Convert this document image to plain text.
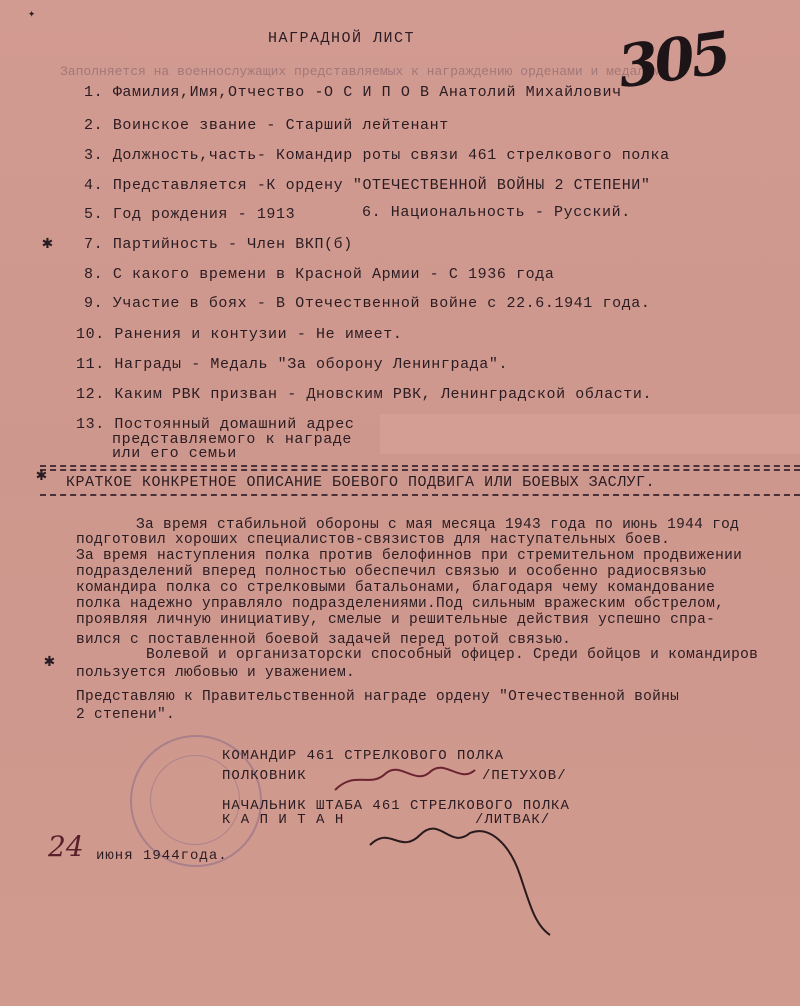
НАГРАДНОЙ ЛИСТ
Заполняется на военнослужащих представляемых к награждению орденами и медалями
305
✦
1. Фамилия,Имя,Отчество -О С И П О В Анатолий Михайлович
2. Воинское звание - Старший лейтенант
3. Должность,часть- Командир роты связи 461 стрелкового полка
4. Представляется -К ордену "ОТЕЧЕСТВЕННОЙ ВОЙНЫ 2 СТЕПЕНИ"
5. Год рождения - 1913	6. Национальность - Русский.
✱ 7. Партийность - Член ВКП(б)
8. С какого времени в Красной Армии - С 1936 года
9. Участие в боях - В Отечественной войне с 22.6.1941 года.
10. Ранения и контузии - Не имеет.
11. Награды - Медаль "За оборону Ленинграда".
12. Каким РВК призван - Дновским РВК, Ленинградской области.
13. Постоянный домашний адрес
представляемого к награде
или его семьи
✱ КРАТКОЕ КОНКРЕТНОЕ ОПИСАНИЕ БОЕВОГО ПОДВИГА ИЛИ БОЕВЫХ ЗАСЛУГ.
За время стабильной обороны с мая месяца 1943 года по июнь 1944 год
подготовил хороших специалистов-связистов для наступательных боев.
За время наступления полка против белофиннов при стремительном продвижении
подразделений вперед полностью обеспечил связью и особенно радиосвязью
командира полка со стрелковыми батальонами, благодаря чему командование
полка надежно управляло подразделениями.Под сильным вражеским обстрелом,
проявляя личную инициативу, смелые и решительные действия успешно спра-
вился с поставленной боевой задачей перед ротой связью.
✱	Волевой и организаторски способный офицер. Среди бойцов и командиров
пользуется любовью и уважением.
Представляю к Правительственной награде ордену "Отечественной войны
2 степени".
КОМАНДИР 461 СТРЕЛКОВОГО ПОЛКА
ПОЛКОВНИК	/ПЕТУХОВ/
НАЧАЛЬНИК ШТАБА 461 СТРЕЛКОВОГО ПОЛКА
К А П И Т А Н	/ЛИТВАК/
24 июня 1944года.
